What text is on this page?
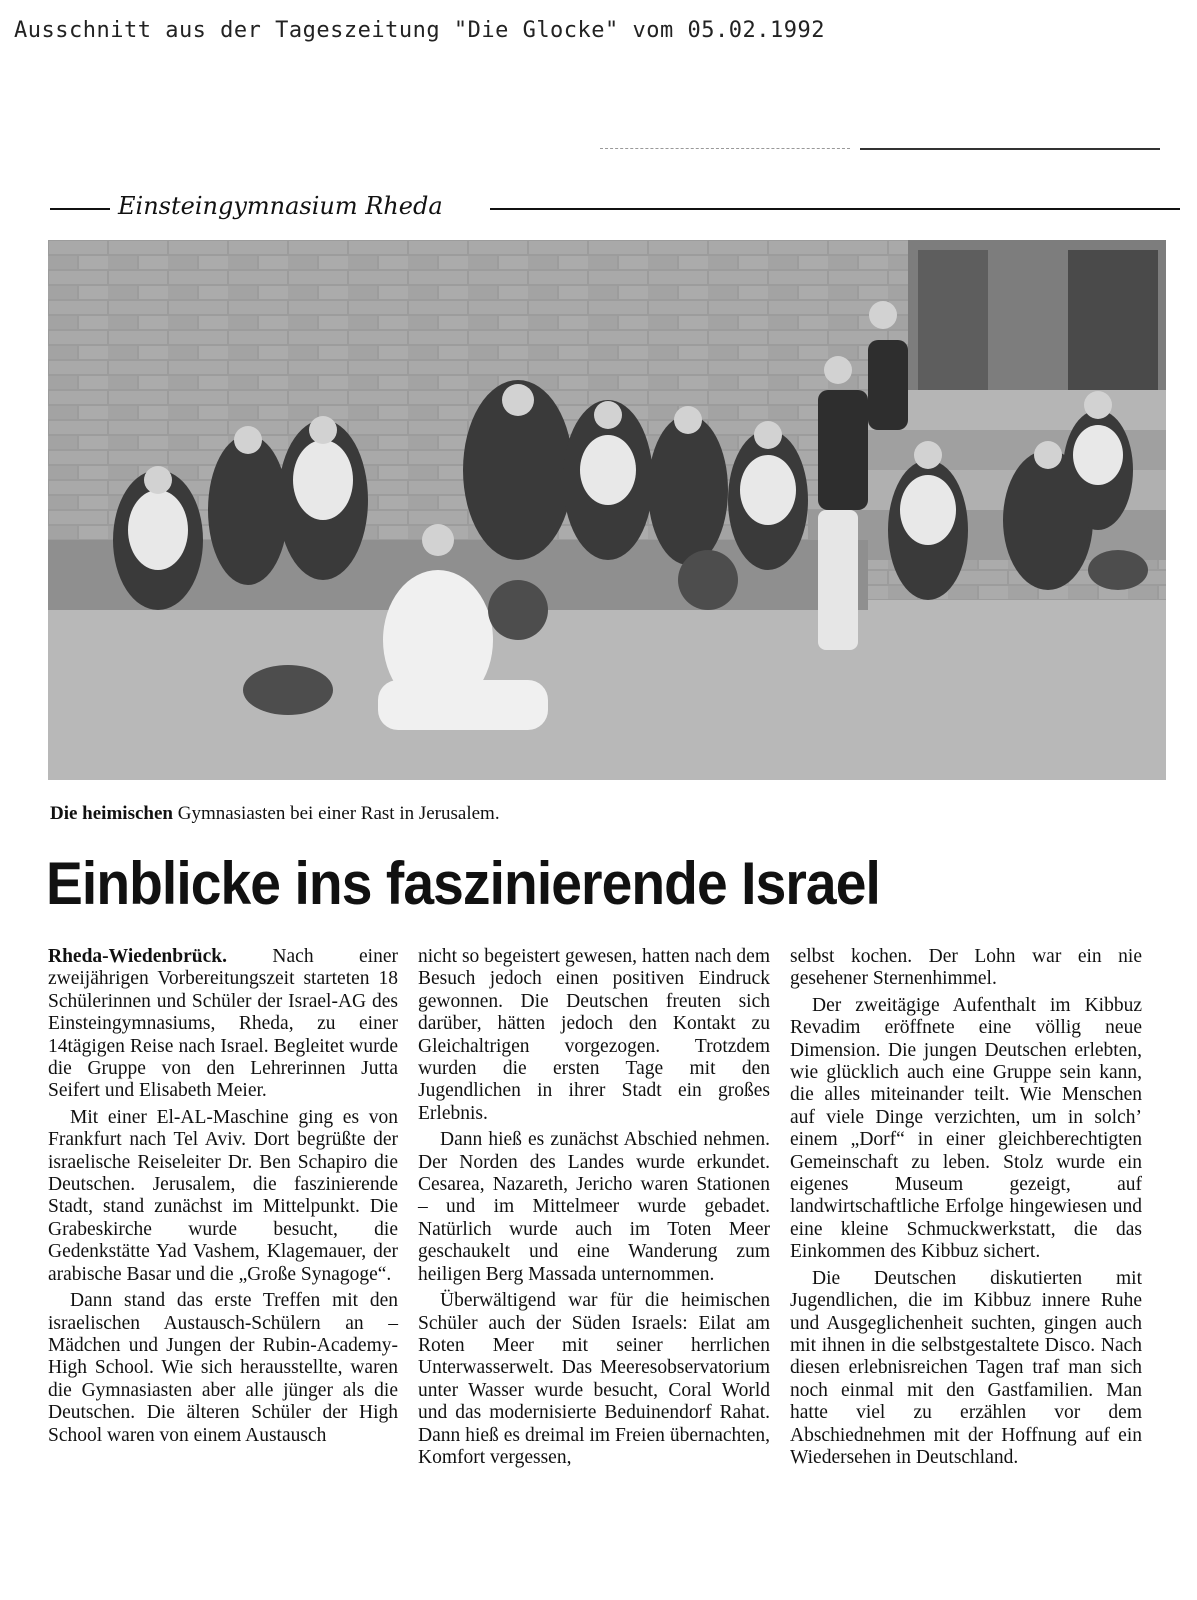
Ausschnitt aus der Tageszeitung "Die Glocke" vom 05.02.1992
Einsteingymnasium Rheda
Die heimischen Gymnasiasten bei einer Rast in Jerusalem.
Einblicke ins faszinierende Israel

Rheda-Wiedenbrück. Nach einer zweijährigen Vorbereitungszeit starteten 18 Schülerinnen und Schüler der Israel-AG des Einsteingymnasiums, Rheda, zu einer 14tägigen Reise nach Israel. Begleitet wurde die Gruppe von den Lehrerinnen Jutta Seifert und Elisabeth Meier.

Mit einer El-AL-Maschine ging es von Frankfurt nach Tel Aviv. Dort begrüßte der israelische Reiseleiter Dr. Ben Schapiro die Deutschen. Jerusalem, die faszinierende Stadt, stand zunächst im Mittelpunkt. Die Grabeskirche wurde besucht, die Gedenkstätte Yad Vashem, Klagemauer, der arabische Basar und die „Große Synagoge“.

Dann stand das erste Treffen mit den israelischen Austausch-Schülern an – Mädchen und Jungen der Rubin-Academy-High School. Wie sich herausstellte, waren die Gymnasiasten aber alle jünger als die Deutschen. Die älteren Schüler der High School waren von einem Austausch

nicht so begeistert gewesen, hatten nach dem Besuch jedoch einen positiven Eindruck gewonnen. Die Deutschen freuten sich darüber, hätten jedoch den Kontakt zu Gleichaltrigen vorgezogen. Trotzdem wurden die ersten Tage mit den Jugendlichen in ihrer Stadt ein großes Erlebnis.

Dann hieß es zunächst Abschied nehmen. Der Norden des Landes wurde erkundet. Cesarea, Nazareth, Jericho waren Stationen – und im Mittelmeer wurde gebadet. Natürlich wurde auch im Toten Meer geschaukelt und eine Wanderung zum heiligen Berg Massada unternommen.

Überwältigend war für die heimischen Schüler auch der Süden Israels: Eilat am Roten Meer mit seiner herrlichen Unterwasserwelt. Das Meeresobservatorium unter Wasser wurde besucht, Coral World und das modernisierte Beduinendorf Rahat. Dann hieß es dreimal im Freien übernachten, Komfort vergessen,

selbst kochen. Der Lohn war ein nie gesehener Sternenhimmel.

Der zweitägige Aufenthalt im Kibbuz Revadim eröffnete eine völlig neue Dimension. Die jungen Deutschen erlebten, wie glücklich auch eine Gruppe sein kann, die alles miteinander teilt. Wie Menschen auf viele Dinge verzichten, um in solch’ einem „Dorf“ in einer gleichberechtigten Gemeinschaft zu leben. Stolz wurde ein eigenes Museum gezeigt, auf landwirtschaftliche Erfolge hingewiesen und eine kleine Schmuckwerkstatt, die das Einkommen des Kibbuz sichert.

Die Deutschen diskutierten mit Jugendlichen, die im Kibbuz innere Ruhe und Ausgeglichenheit suchten, gingen auch mit ihnen in die selbstgestaltete Disco. Nach diesen erlebnisreichen Tagen traf man sich noch einmal mit den Gastfamilien. Man hatte viel zu erzählen vor dem Abschiednehmen mit der Hoffnung auf ein Wiedersehen in Deutschland.
